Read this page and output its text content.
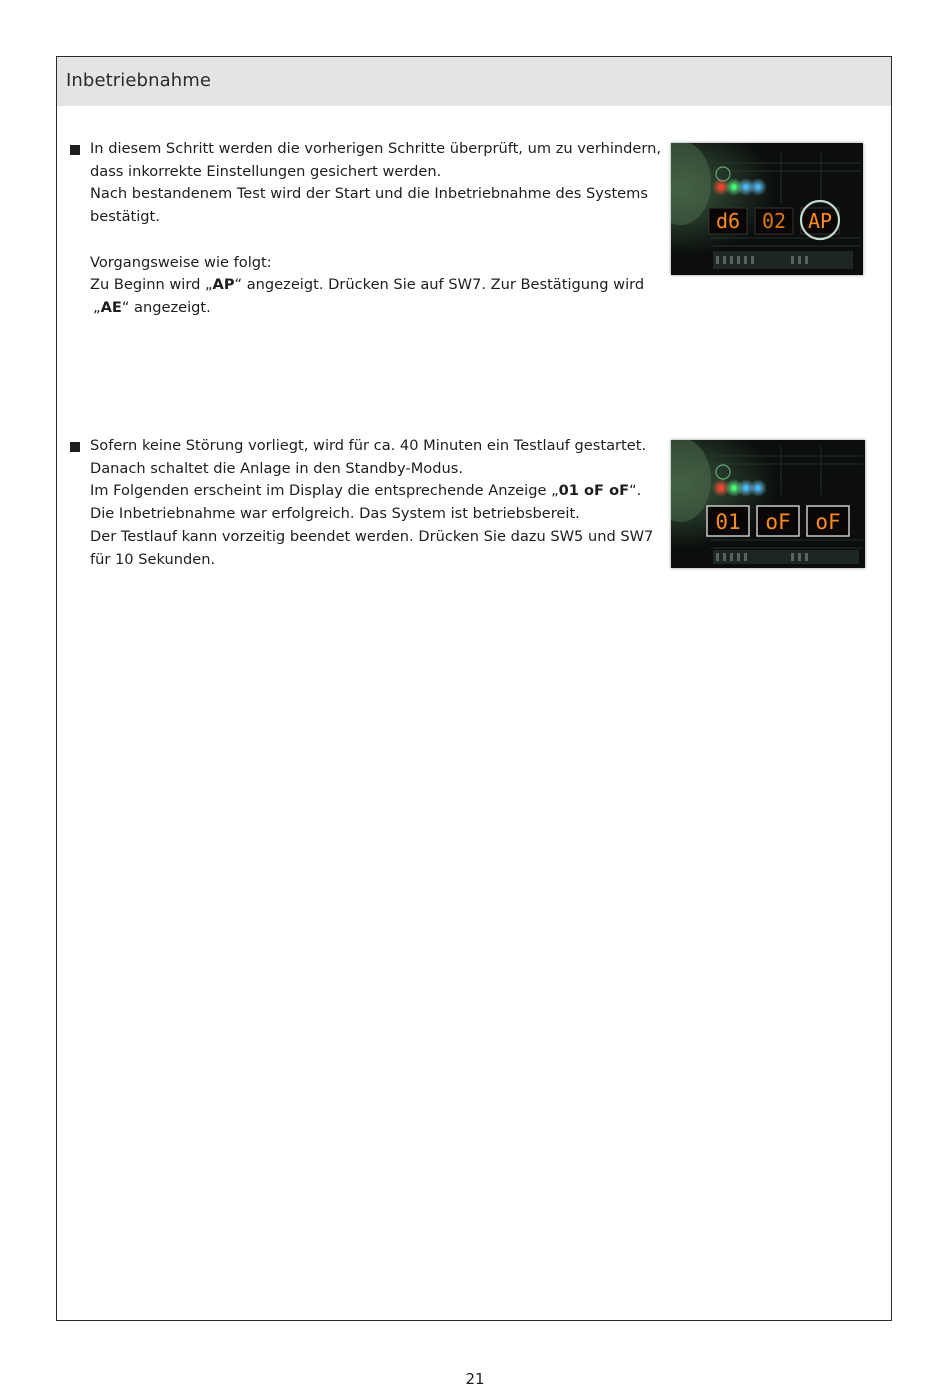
Inbetriebnahme
In diesem Schritt werden die vorherigen Schritte überprüft, um zu verhindern,
dass inkorrekte Einstellungen gesichert werden.
Nach bestandenem Test wird der Start und die Inbetriebnahme des Systems
bestätigt.
Vorgangsweise wie folgt:
Zu Beginn wird „AP“ angezeigt. Drücken Sie auf SW7. Zur Bestätigung wird
„AE“ angezeigt.
d6 02 AP
Sofern keine Störung vorliegt, wird für ca. 40 Minuten ein Testlauf gestartet.
Danach schaltet die Anlage in den Standby-Modus.
Im Folgenden erscheint im Display die entsprechende Anzeige „01 oF oF“.
Die Inbetriebnahme war erfolgreich. Das System ist betriebsbereit.
Der Testlauf kann vorzeitig beendet werden. Drücken Sie dazu SW5 und SW7
für 10 Sekunden.
01 oF oF
21
